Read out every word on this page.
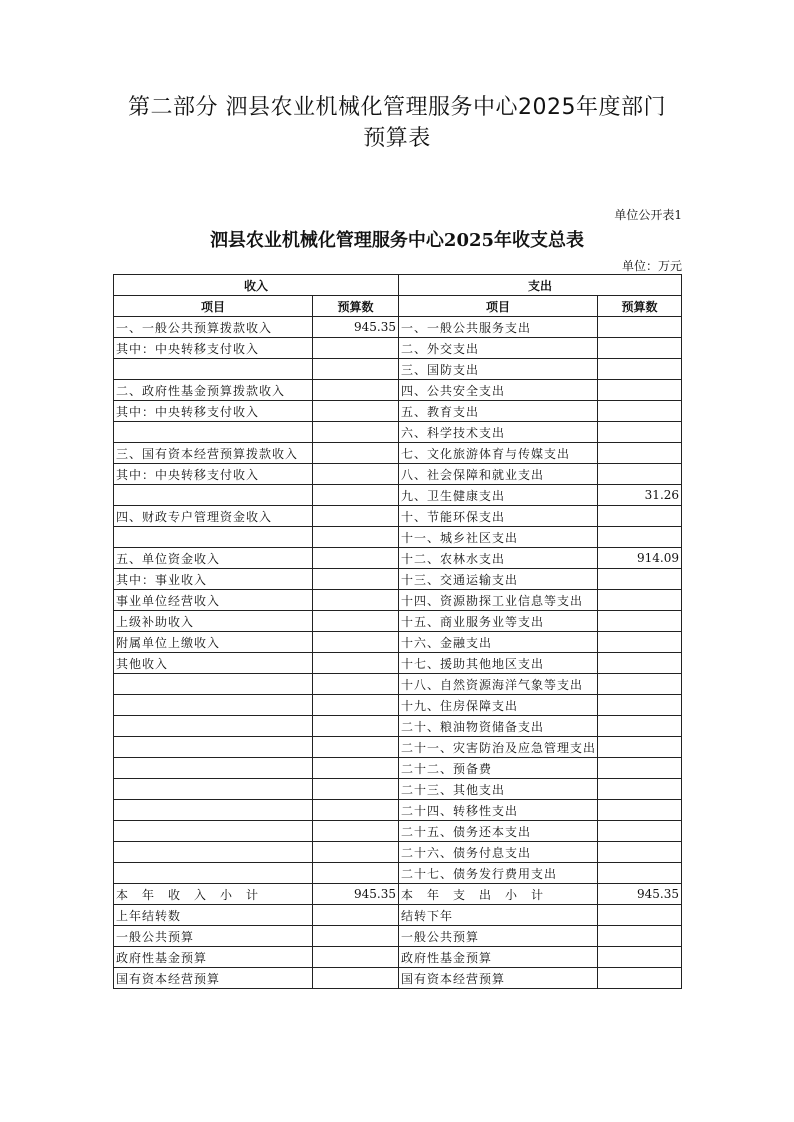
第二部分 泗县农业机械化管理服务中心2025年度部门
预算表
单位公开表1
泗县农业机械化管理服务中心2025年收支总表
单位：万元
收入		支出	
项目	预算数	项目	预算数
一、一般公共预算拨款收入	945.35	一、一般公共服务支出	
其中：中央转移支付收入		二、外交支出	
		三、国防支出	
二、政府性基金预算拨款收入		四、公共安全支出	
其中：中央转移支付收入		五、教育支出	
		六、科学技术支出	
三、国有资本经营预算拨款收入		七、文化旅游体育与传媒支出	
其中：中央转移支付收入		八、社会保障和就业支出	
		九、卫生健康支出	31.26
四、财政专户管理资金收入		十、节能环保支出	
		十一、城乡社区支出	
五、单位资金收入		十二、农林水支出	914.09
其中：事业收入		十三、交通运输支出	
事业单位经营收入		十四、资源勘探工业信息等支出	
上级补助收入		十五、商业服务业等支出	
附属单位上缴收入		十六、金融支出	
其他收入		十七、援助其他地区支出	
		十八、自然资源海洋气象等支出	
		十九、住房保障支出	
		二十、粮油物资储备支出	
		二十一、灾害防治及应急管理支出	
		二十二、预备费	
		二十三、其他支出	
		二十四、转移性支出	
		二十五、债务还本支出	
		二十六、债务付息支出	
		二十七、债务发行费用支出	
本年收入小计	945.35	本年支出小计	945.35
上年结转数		结转下年	
一般公共预算		一般公共预算	
政府性基金预算		政府性基金预算	
国有资本经营预算		国有资本经营预算	
